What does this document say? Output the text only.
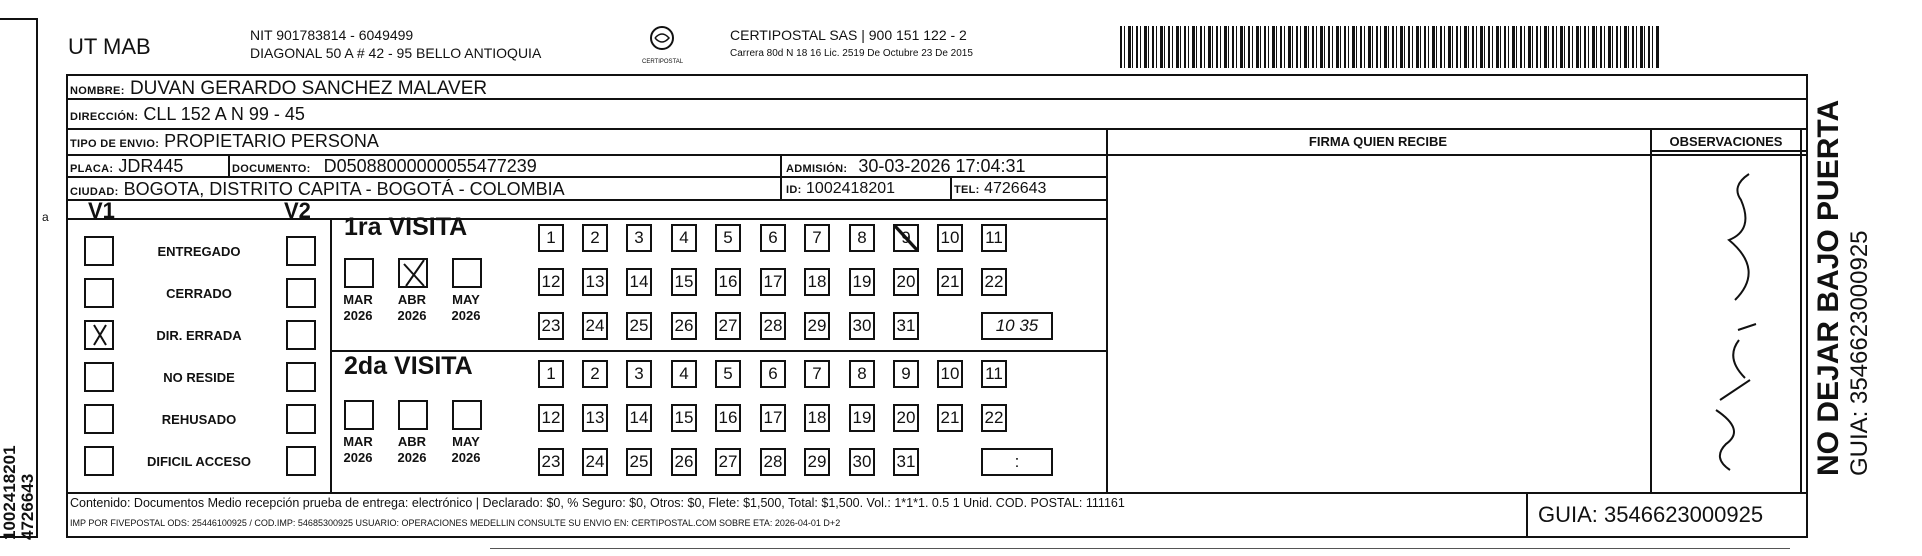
1002418201 4726643
a
UT MAB	NIT 901783814 - 6049499
DIAGONAL 50 A # 42 - 95 BELLO ANTIOQUIA
CERTIPOSTAL
CERTIPOSTAL SAS | 900 151 122 - 2
Carrera 80d N 18 16 Lic. 2519 De Octubre 23 De 2015
NOMBRE: DUVAN GERARDO SANCHEZ MALAVER
DIRECCIÓN: CLL 152 A N 99 - 45
TIPO DE ENVIO: PROPIETARIO PERSONA	FIRMA QUIEN RECIBE	OBSERVACIONES
PLACA: JDR445	DOCUMENTO: D05088000000055477239	ADMISIÓN: 30-03-2026 17:04:31
CIUDAD: BOGOTA, DISTRITO CAPITA - BOGOTÁ - COLOMBIA	ID: 1002418201	TEL: 4726643
V1	V2
ENTREGADO
CERRADO
DIR. ERRADA
NO RESIDE
REHUSADO
DIFICIL ACCESO
1ra VISITA
2da VISITA
MAR
2026
ABR
2026
MAY
2026
MAR
2026
ABR
2026
MAY
2026
1	2	3	4	5	6	7	8	9	10 11
12 13 14 15 16 17 18 19 20 21 22
23 24 25 26 27 28 29 30 31	10 35
1	2	3	4	5	6	7	8	9	10 11
12 13 14 15 16 17 18 19 20 21 22
23 24 25 26 27 28 29 30 31	:	NO DEJAR BAJO PUERTA GUIA: 3546623000925
Contenido: Documentos Medio recepción prueba de entrega: electrónico | Declarado: $0, % Seguro: $0, Otros: $0, Flete: $1,500, Total: $1,500. Vol.: 1*1*1. 0.5 1 Unid. COD. POSTAL: 111161
IMP POR FIVEPOSTAL ODS: 25446100925 / COD.IMP: 54685300925 USUARIO: OPERACIONES MEDELLIN CONSULTE SU ENVIO EN: CERTIPOSTAL.COM SOBRE ETA: 2026-04-01 D+2	GUIA: 3546623000925
